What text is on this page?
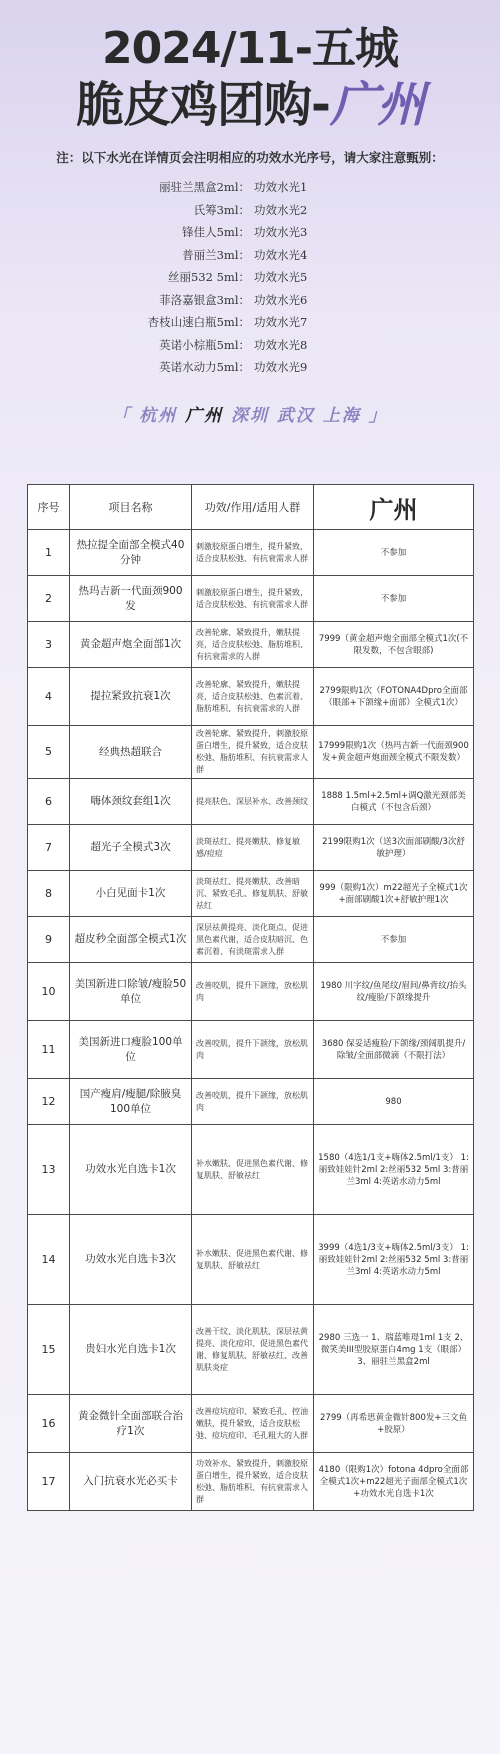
2024/11-五城
脆皮鸡团购-广州
注：以下水光在详情页会注明相应的功效水光序号，请大家注意甄别：
丽驻兰黑盒2ml： 功效水光1
氏筹3ml： 功效水光2
锋佳人5ml： 功效水光3
普丽兰3ml： 功效水光4
丝丽532 5ml： 功效水光5
菲洛嘉银盒3ml： 功效水光6
杏枝山速白瓶5ml： 功效水光7
英诺小棕瓶5ml： 功效水光8
英诺水动力5ml： 功效水光9
「 杭州 广州 深圳 武汉 上海 」
序号	项目名称	功效/作用/适用人群	广州
1	热拉提全面部全模式40分钟	刺激胶原蛋白增生，提升紧致，适合皮肤松弛、有抗衰需求人群	不参加
2	热玛吉新一代面颈900发	刺激胶原蛋白增生，提升紧致，适合皮肤松弛、有抗衰需求人群	不参加
3	黄金超声炮全面部1次	改善轮廓、紧致提升，嫩肤提亮，适合皮肤松弛、脂肪堆积、有抗衰需求的人群	7999（黄金超声炮全面部全模式1次(不限发数，不包含眼部)
4	提拉紧致抗衰1次	改善轮廓、紧致提升，嫩肤提亮，适合皮肤松弛、色素沉着、脂肪堆积、有抗衰需求的人群	2799限购1次（FOTONA4Dpro全面部（眼部+下颌缘+面部）全模式1次）
5	经典热超联合	改善轮廓、紧致提升，刺激胶原蛋白增生，提升紧致，适合皮肤松弛、脂肪堆积、有抗衰需求人群	17999限购1次（热玛吉新一代面颈900发+黄金超声炮面颈全模式不限发数）
6	嗨体颈纹套组1次	提亮肤色、深层补水、改善颈纹	1888 1.5ml+2.5ml+调Q激光颈部美白模式（不包含后颈）
7	超光子全模式3次	淡斑祛红、提亮嫩肤、修复敏感/痘痘	2199限购1次（送3次面部刷酸/3次舒敏护理）
8	小白见面卡1次	淡斑祛红、提亮嫩肤、改善暗沉、紧致毛孔、修复肌肤、舒敏祛红	999（限购1次）m22超光子全模式1次+面部刷酸1次+舒敏护理1次
9	超皮秒全面部全模式1次	深层祛黄提亮、淡化斑点、促进黑色素代谢，适合皮肤暗沉、色素沉着、有淡斑需求人群	不参加
10	美国新进口除皱/瘦脸50单位	改善咬肌，提升下颌缘，放松肌肉	1980 川字纹/鱼尾纹/眉间/鼻背纹/抬头纹/瘦脸/下颌缘提升
11	美国新进口瘦脸100单位	改善咬肌，提升下颌缘，放松肌肉	3680 保妥适瘦脸/下颌缘/颈阔肌提升/除皱/全面部微滴（不限打法）
12	国产瘦肩/瘦腿/除腋臭100单位	改善咬肌，提升下颌缘，放松肌肉	980
13	功效水光自选卡1次	补水嫩肤、促进黑色素代谢、修复肌肤、舒敏祛红	1580（4选1/1支+嗨体2.5ml/1支） 1:丽致娃娃针2ml 2:丝丽532 5ml 3:普丽兰3ml 4:英诺水动力5ml
14	功效水光自选卡3次	补水嫩肤、促进黑色素代谢、修复肌肤、舒敏祛红	3999（4选1/3支+嗨体2.5ml/3支） 1:丽致娃娃针2ml 2:丝丽532 5ml 3:普丽兰3ml 4:英诺水动力5ml
15	贵妇水光自选卡1次	改善干纹、淡化肌肤、深层祛黄提亮、淡化痘印、促进黑色素代谢、修复肌肤、舒敏祛红、改善肌肤炎症	2980 三选一 1、瑞蓝唯瑅1ml 1支 2、微笑美III型胶原蛋白4mg 1支（眼部） 3、丽驻兰黑盒2ml
16	黄金微针全面部联合治疗1次	改善痘坑痘印、紧致毛孔、控油嫩肤，提升紧致，适合皮肤松弛、痘坑痘印、毛孔粗大的人群	2799（再希思黄金微针800发+三文鱼+胶原）
17	入门抗衰水光必买卡	功效补水、紧致提升，刺激胶原蛋白增生，提升紧致，适合皮肤松弛、脂肪堆积、有抗衰需求人群	4180（限购1次）fotona 4dpro全面部全模式1次+m22超光子面部全模式1次+功效水光自选卡1次
